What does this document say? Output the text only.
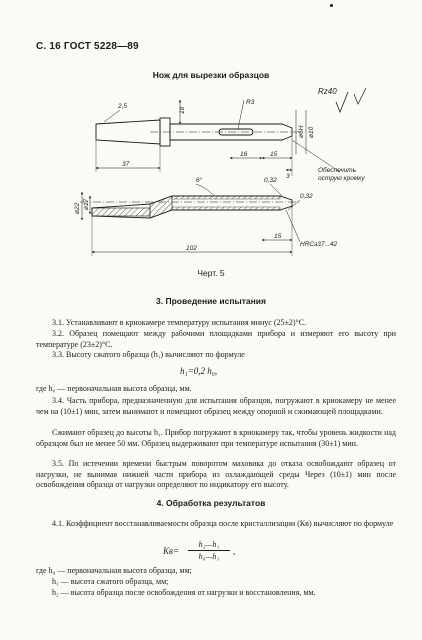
С. 16 ГОСТ 5228—89
Нож для вырезки образцов
2,5
18
R3
ø6Н ø10
37
16	15
3
Обеспечить
острую кромку
Rz40
6°	0,32
0,32
ø22 ø17
102
15
HRCэ37...42
Черт. 5
3. Проведение испытания
3.1. Устанавливают в криокамере температуру испытания минус (25±2)°С.
3.2. Образец помещают между рабочими площадками прибора и измеряют его высоту при температуре (23±2)°С.
3.3. Высоту сжатого образца (h₁) вычисляют по формуле
h₁=0,2 h₀,
где h₀ — первоначальная высота образца, мм.
3.4. Часть прибора, предназначенную для испытания образцов, погружают в криокамеру не менее чем на (10±1) мин, затем вынимают и помещают образец между опорной и сжимающей площадками.
Сжимают образец до высоты h₁. Прибор погружают в криокамеру так, чтобы уровень жидкости над образцом был не менее 50 мм. Образец выдерживают при температуре испытания (30±1) мин.
3.5. По истечении времени быстрым поворотом маховика до отказа освобождают образец от нагрузки, не вынимая нижней части прибора из охлаждающей среды Через (10±1) мин после освобождения образца от нагрузки определяют по индикатору его высоту.
4. Обработка результатов
4.1. Коэффициент восстанавливаемости образца после кристаллизации (Кв) вычисляют по формуле
$Кв= \frac{\text{h₂—h₁}}{\text{h₀—h₁}}$ ,
где h₀ — первоначальная высота образца, мм;
h₁ — высота сжатого образца, мм;
h₂ — высота образца после освобождения от нагрузки и восстановления, мм.
